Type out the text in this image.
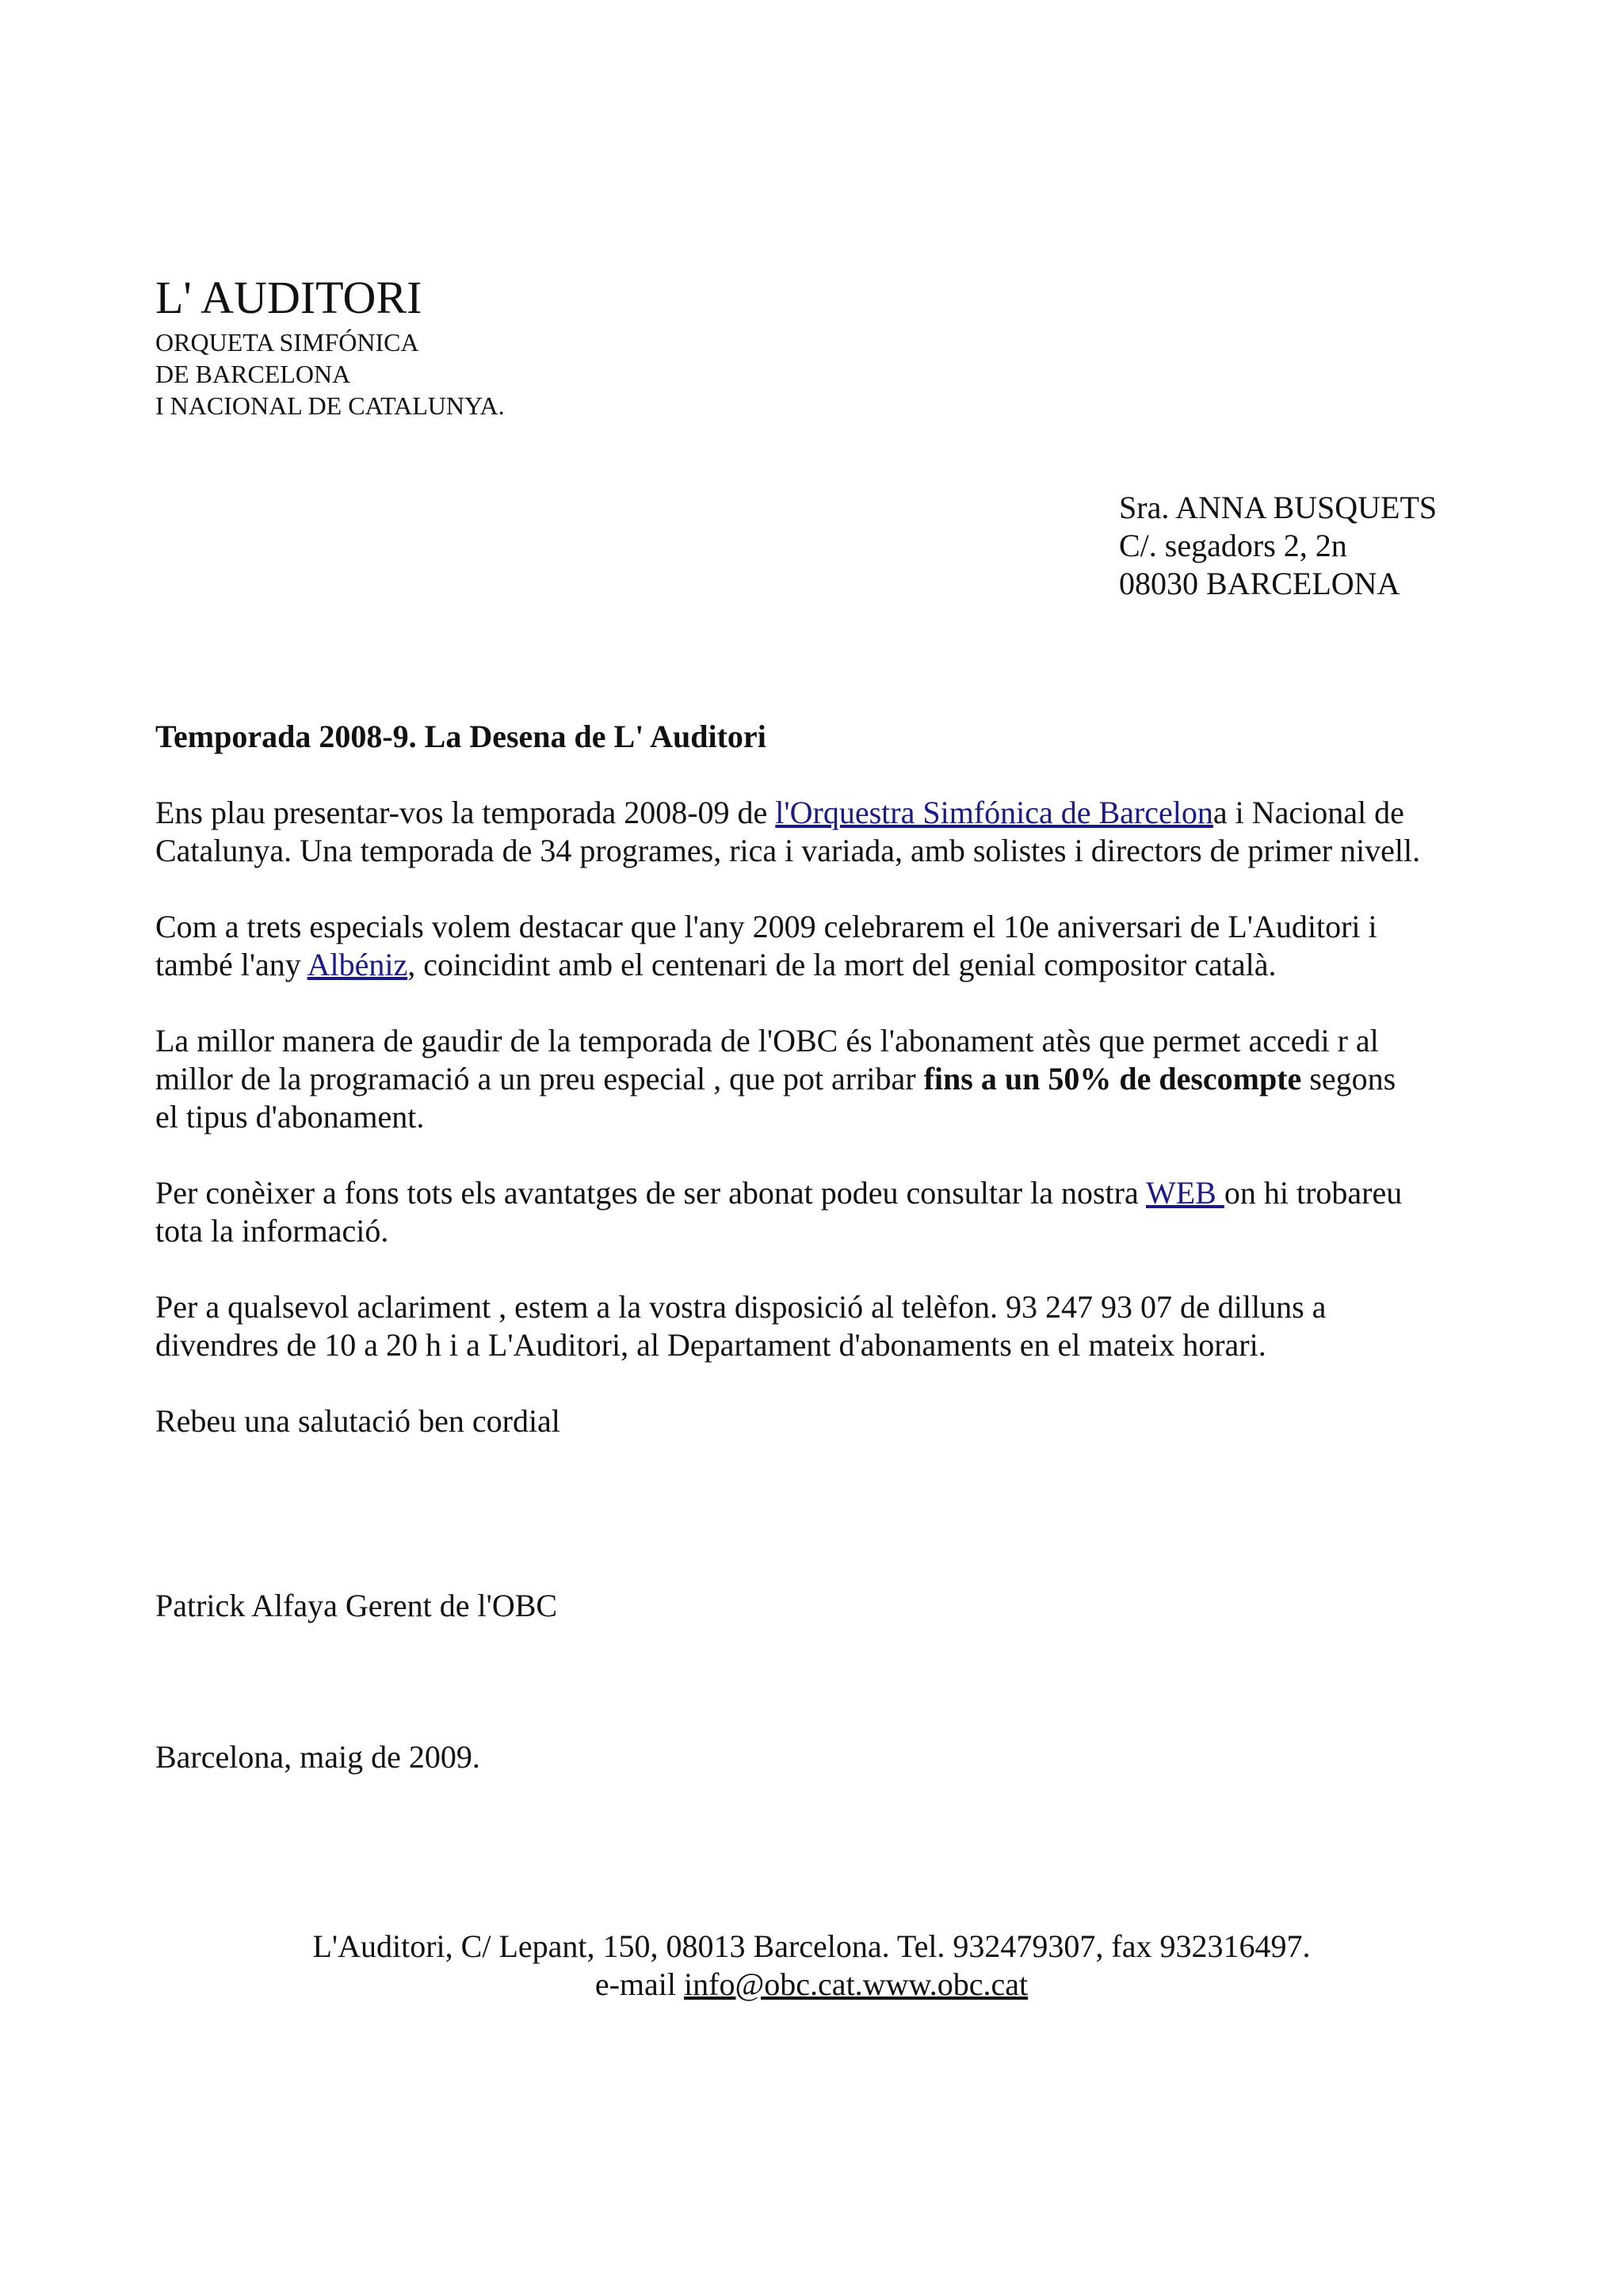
L' AUDITORI
ORQUETA SIMFÓNICA
DE BARCELONA
I NACIONAL DE CATALUNYA.
Sra. ANNA BUSQUETS
C/. segadors 2, 2n
08030 BARCELONA

Temporada 2008-9. La Desena de L' Auditori

Ens plau presentar-vos la temporada 2008-09 de l'Orquestra Simfónica de Barcelona i Nacional de
Catalunya. Una temporada de 34 programes, rica i variada, amb solistes i directors de primer nivell.

Com a trets especials volem destacar que l'any 2009 celebrarem el 10e aniversari de L'Auditori i
també l'any Albéniz, coincidint amb el centenari de la mort del genial compositor català.

La millor manera de gaudir de la temporada de l'OBC és l'abonament atès que permet accedi r al
millor de la programació a un preu especial , que pot arribar fins a un 50% de descompte segons
el tipus d'abonament.

Per conèixer a fons tots els avantatges de ser abonat podeu consultar la nostra WEB on hi trobareu
tota la informació.

Per a qualsevol aclariment , estem a la vostra disposició al telèfon. 93 247 93 07 de dilluns a
divendres de 10 a 20 h i a L'Auditori, al Departament d'abonaments en el mateix horari.

Rebeu una salutació ben cordial

Patrick Alfaya Gerent de l'OBC
Barcelona, maig de 2009.
L'Auditori, C/ Lepant, 150, 08013 Barcelona. Tel. 932479307, fax 932316497.
e-mail info@obc.cat.www.obc.cat
